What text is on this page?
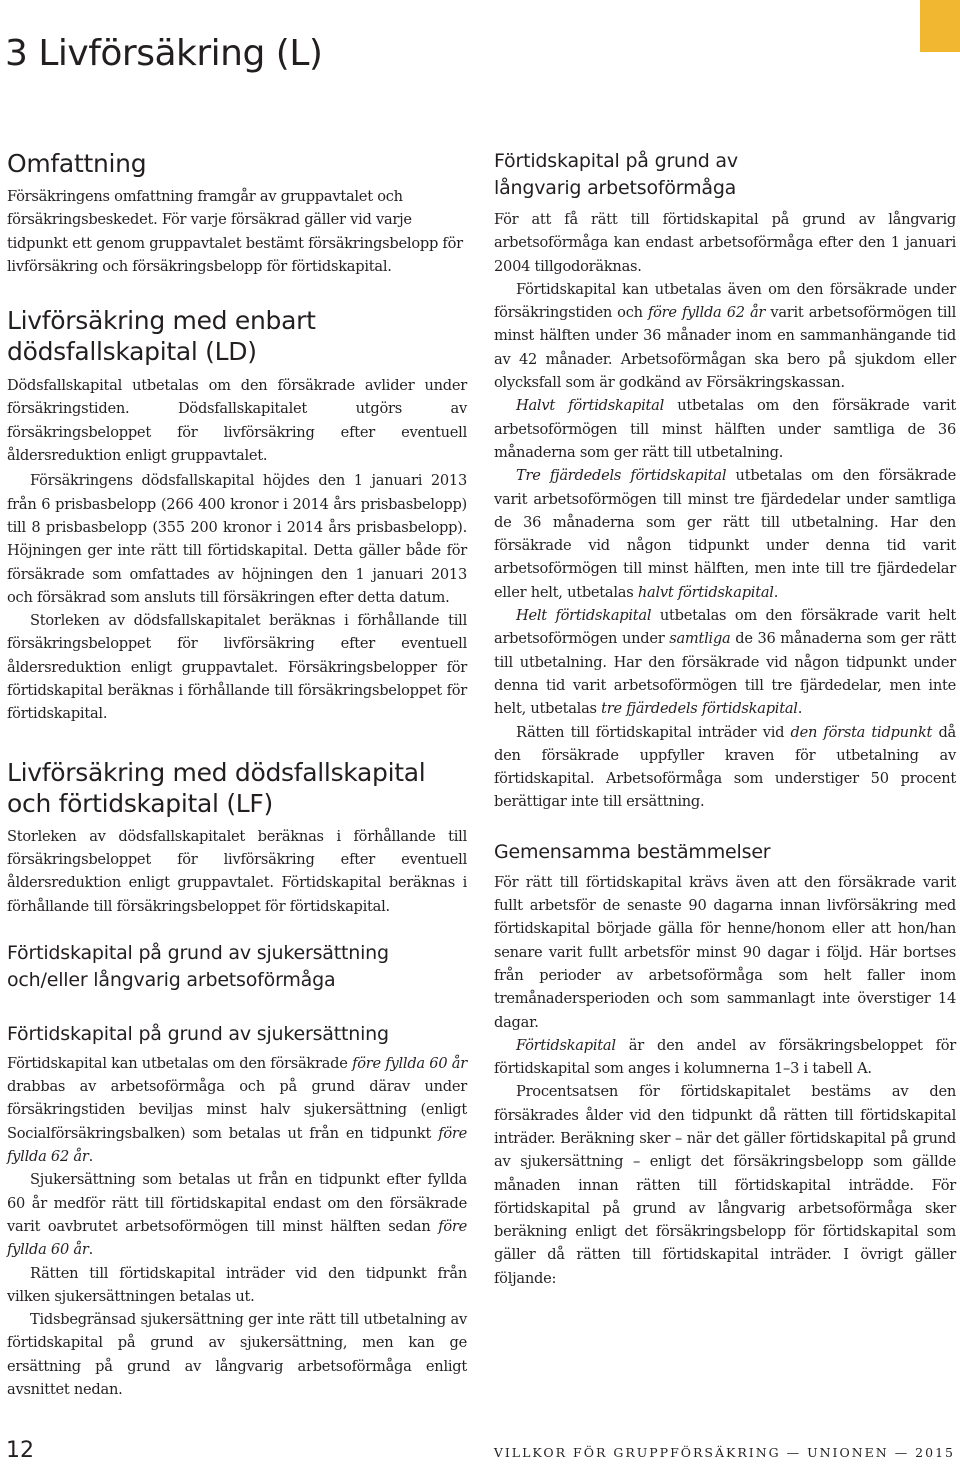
3 Livförsäkring (L)
Omfattning

Försäkringens omfattning framgår av gruppavtalet och försäkringsbeskedet. För varje försäkrad gäller vid varje tidpunkt ett genom gruppavtalet bestämt försäkringsbelopp för livförsäkring och försäkringsbelopp för förtidskapital.

Livförsäkring med enbart
dödsfallskapital (LD)

Dödsfallskapital utbetalas om den försäkrade avlider under försäkringstiden. Dödsfallskapitalet utgörs av försäkringsbeloppet för livförsäkring efter eventuell åldersreduktion enligt gruppavtalet.

Försäkringens dödsfallskapital höjdes den 1 januari 2013 från 6 prisbasbelopp (266 400 kronor i 2014 års prisbasbelopp) till 8 prisbasbelopp (355 200 kronor i 2014 års prisbasbelopp). Höjningen ger inte rätt till förtidskapital. Detta gäller både för försäkrade som omfattades av höjningen den 1 januari 2013 och försäkrad som ansluts till försäkringen efter detta datum.

Storleken av dödsfallskapitalet beräknas i förhållande till försäkringsbeloppet för livförsäkring efter eventuell åldersreduktion enligt gruppavtalet. Försäkringsbelopper för förtidskapital beräknas i förhållande till försäkringsbeloppet för förtidskapital.

Livförsäkring med dödsfallskapital
och förtidskapital (LF)

Storleken av dödsfallskapitalet beräknas i förhållande till försäkringsbeloppet för livförsäkring efter eventuell åldersreduktion enligt gruppavtalet. Förtidskapital beräknas i förhållande till försäkringsbeloppet för förtidskapital.

Förtidskapital på grund av sjukersättning
och/eller långvarig arbetsoförmåga
Förtidskapital på grund av sjukersättning

Förtidskapital kan utbetalas om den försäkrade före fyllda 60 år drabbas av arbetsoförmåga och på grund därav under försäkringstiden beviljas minst halv sjukersättning (enligt Socialförsäkringsbalken) som betalas ut från en tidpunkt före fyllda 62 år.

Sjukersättning som betalas ut från en tidpunkt efter fyllda 60 år medför rätt till förtidskapital endast om den försäkrade varit oavbrutet arbetsoförmögen till minst hälften sedan före fyllda 60 år.

Rätten till förtidskapital inträder vid den tidpunkt från vilken sjukersättningen betalas ut.

Tidsbegränsad sjukersättning ger inte rätt till utbetalning av förtidskapital på grund av sjukersättning, men kan ge ersättning på grund av långvarig arbetsoförmåga enligt avsnittet nedan.

Förtidskapital på grund av
långvarig arbetsoförmåga

För att få rätt till förtidskapital på grund av långvarig arbetsoförmåga kan endast arbetsoförmåga efter den 1 januari 2004 tillgodoräknas.

Förtidskapital kan utbetalas även om den försäkrade under försäkringstiden och före fyllda 62 år varit arbetsoförmögen till minst hälften under 36 månader inom en sammanhängande tid av 42 månader. Arbetsoförmågan ska bero på sjukdom eller olycksfall som är godkänd av Försäkringskassan.

Halvt förtidskapital utbetalas om den försäkrade varit arbetsoförmögen till minst hälften under samtliga de 36 månaderna som ger rätt till utbetalning.

Tre fjärdedels förtidskapital utbetalas om den försäkrade varit arbetsoförmögen till minst tre fjärdedelar under samtliga de 36 månaderna som ger rätt till utbetalning. Har den försäkrade vid någon tidpunkt under denna tid varit arbetsoförmögen till minst hälften, men inte till tre fjärdedelar eller helt, utbetalas halvt förtidskapital.

Helt förtidskapital utbetalas om den försäkrade varit helt arbetsoförmögen under samtliga de 36 månaderna som ger rätt till utbetalning. Har den försäkrade vid någon tidpunkt under denna tid varit arbetsoförmögen till tre fjärdedelar, men inte helt, utbetalas tre fjärdedels förtidskapital.

Rätten till förtidskapital inträder vid den första tidpunkt då den försäkrade uppfyller kraven för utbetalning av förtidskapital. Arbetsoförmåga som understiger 50 procent berättigar inte till ersättning.

Gemensamma bestämmelser

För rätt till förtidskapital krävs även att den försäkrade varit fullt arbetsför de senaste 90 dagarna innan livförsäkring med förtidskapital började gälla för henne/honom eller att hon/han senare varit fullt arbetsför minst 90 dagar i följd. Här bortses från perioder av arbetsoförmåga som helt faller inom tremånadersperioden och som sammanlagt inte överstiger 14 dagar.

Förtidskapital är den andel av försäkringsbeloppet för förtidskapital som anges i kolumnerna 1–3 i tabell A.

Procentsatsen för förtidskapitalet bestäms av den försäkrades ålder vid den tidpunkt då rätten till förtidskapital inträder. Beräkning sker – när det gäller förtidskapital på grund av sjukersättning – enligt det försäkringsbelopp som gällde månaden innan rätten till förtidskapital inträdde. För förtidskapital på grund av långvarig arbetsoförmåga sker beräkning enligt det försäkringsbelopp för förtidskapital som gäller då rätten till förtidskapital inträder. I övrigt gäller följande:

12	VILLKOR FÖR GRUPPFÖRSÄKRING — UNIONEN — 2015
